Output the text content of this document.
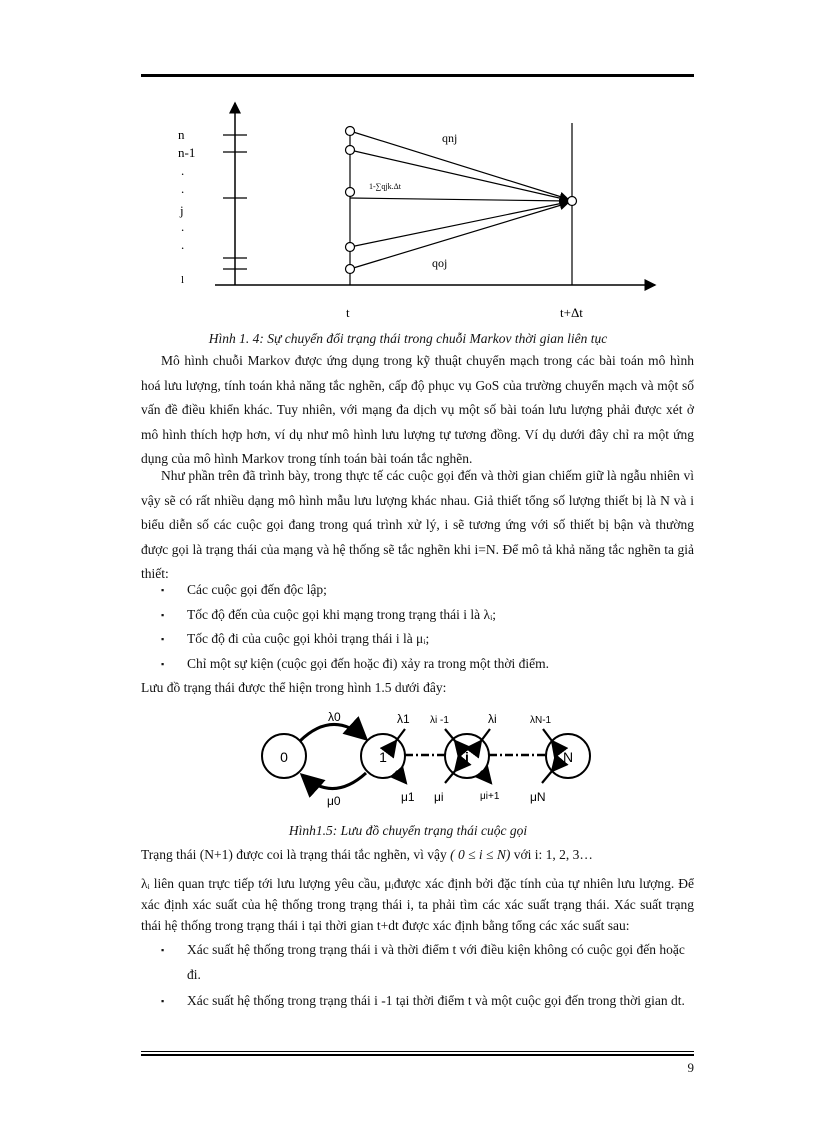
n
n-1
.
.
j
.
.
l
qnj
1-∑qjk.Δt
qoj
t	t+Δt
Hình 1. 4: Sự chuyển đổi trạng thái trong chuỗi Markov thời gian liên tục

Mô hình chuỗi Markov được ứng dụng trong kỹ thuật chuyển mạch trong các bài toán mô hình hoá lưu lượng, tính toán khả năng tắc nghẽn, cấp độ phục vụ GoS của trường chuyển mạch và một số vấn đề điều khiển khác. Tuy nhiên, với mạng đa dịch vụ một số bài toán lưu lượng phải được xét ở mô hình thích hợp hơn, ví dụ như mô hình lưu lượng tự tương đồng. Ví dụ dưới đây chỉ ra một ứng dụng của mô hình Markov trong tính toán bài toán tắc nghẽn.

Như phần trên đã trình bày, trong thực tế các cuộc gọi đến và thời gian chiếm giữ là ngẫu nhiên vì vậy sẽ có rất nhiều dạng mô hình mẫu lưu lượng khác nhau. Giả thiết tổng số lượng thiết bị là N và i biểu diễn số các cuộc gọi đang trong quá trình xử lý, i sẽ tương ứng với số thiết bị bận và thường được gọi là trạng thái của mạng và hệ thống sẽ tắc nghẽn khi i=N. Để mô tả khả năng tắc nghẽn ta giả thiết:

▪ Các cuộc gọi đến độc lập;
▪ Tốc độ đến của cuộc gọi khi mạng trong trạng thái i là λᵢ;
▪ Tốc độ đi của cuộc gọi khỏi trạng thái i là μᵢ;
▪ Chỉ một sự kiện (cuộc gọi đến hoặc đi) xảy ra trong một thời điểm.

Lưu đồ trạng thái được thể hiện trong hình 1.5 dưới đây:

0	1	i	N
λ0	λ1 λi -1	λi	λN-1
μ0	μ1 μi	μi+1	μN
Hình1.5: Lưu đồ chuyển trạng thái cuộc gọi

Trạng thái (N+1) được coi là trạng thái tắc nghẽn, vì vậy ( 0 ≤ i ≤ N) với i: 1, 2, 3…

λᵢ liên quan trực tiếp tới lưu lượng yêu cầu, μᵢđược xác định bởi đặc tính của tự nhiên lưu lượng. Để xác định xác suất của hệ thống trong trạng thái i, ta phải tìm các xác suất trạng thái. Xác suất trạng thái hệ thống trong trạng thái i tại thời gian t+dt được xác định bằng tổng các xác suất sau:

▪ Xác suất hệ thống trong trạng thái i và thời điểm t với điều kiện không có cuộc gọi đến hoặc đi.
▪ Xác suất hệ thống trong trạng thái i -1 tại thời điểm t và một cuộc gọi đến trong thời gian dt.
9
